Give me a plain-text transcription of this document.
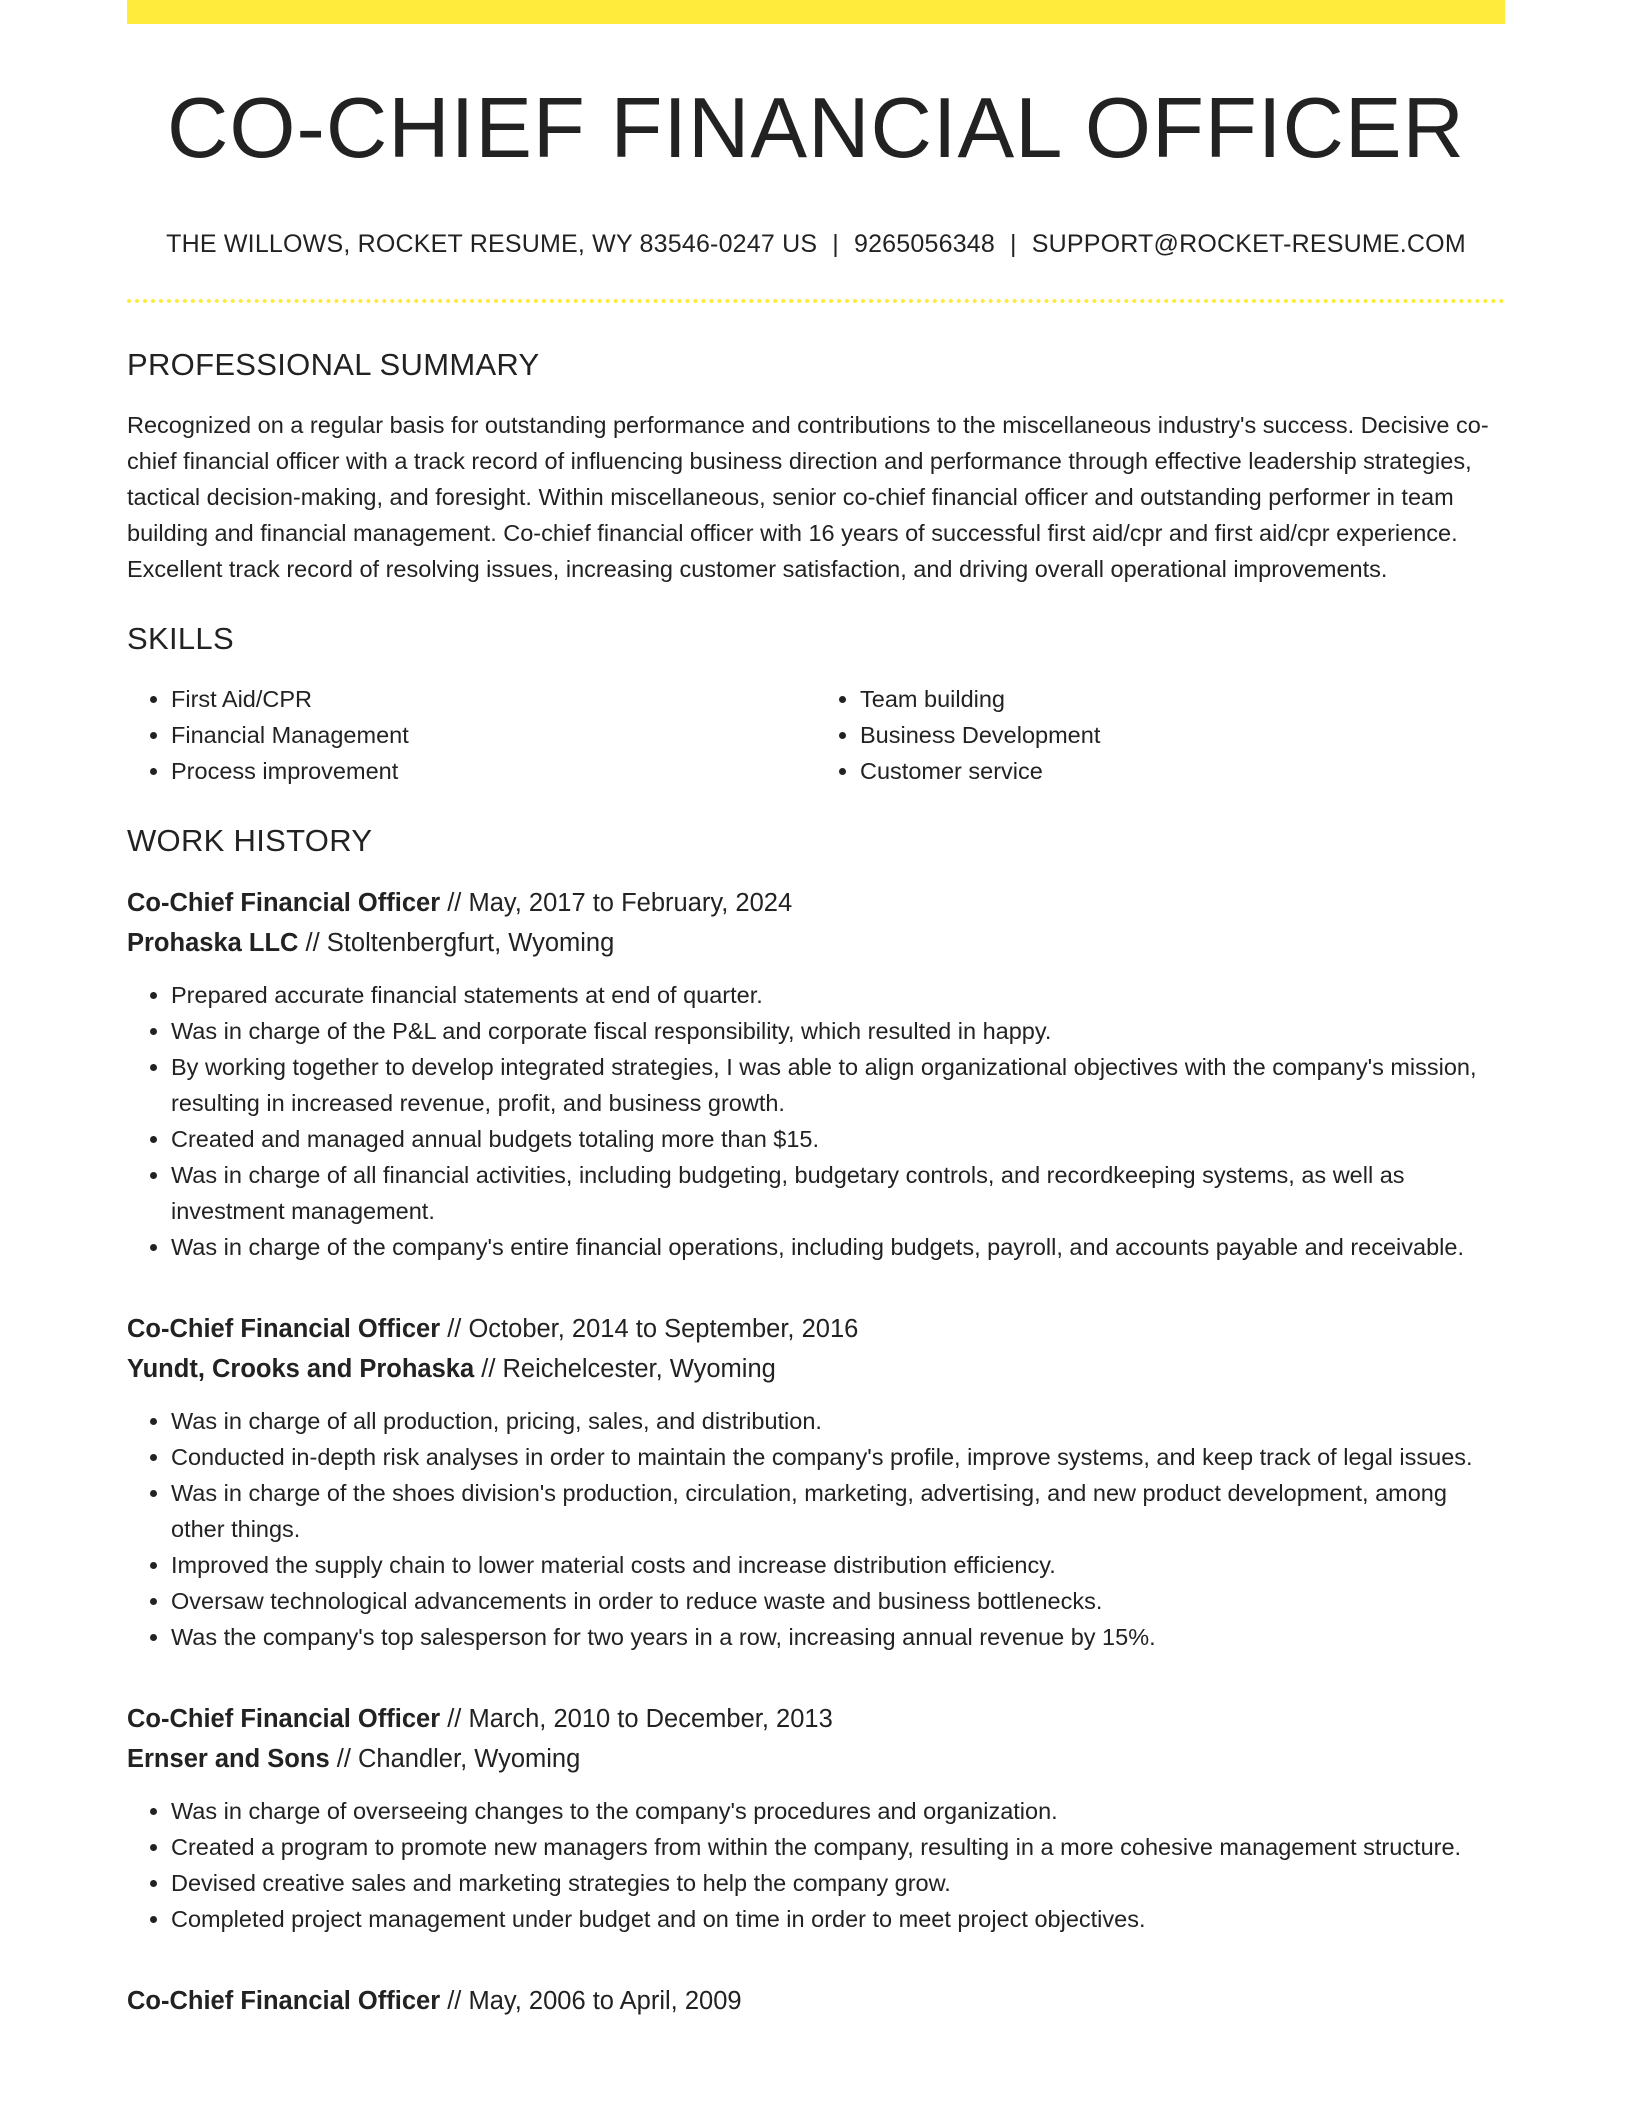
CO-CHIEF FINANCIAL OFFICER
THE WILLOWS, ROCKET RESUME, WY 83546-0247 US | 9265056348 | SUPPORT@ROCKET-RESUME.COM
PROFESSIONAL SUMMARY
Recognized on a regular basis for outstanding performance and contributions to the miscellaneous industry's success. Decisive co-chief financial officer with a track record of influencing business direction and performance through effective leadership strategies, tactical decision-making, and foresight. Within miscellaneous, senior co-chief financial officer and outstanding performer in team building and financial management. Co-chief financial officer with 16 years of successful first aid/cpr and first aid/cpr experience. Excellent track record of resolving issues, increasing customer satisfaction, and driving overall operational improvements.
SKILLS
• First Aid/CPR
• Financial Management
• Process improvement
• Team building
• Business Development
• Customer service
WORK HISTORY
Co-Chief Financial Officer // May, 2017 to February, 2024
Prohaska LLC // Stoltenbergfurt, Wyoming
• Prepared accurate financial statements at end of quarter.
• Was in charge of the P&L and corporate fiscal responsibility, which resulted in happy.
• By working together to develop integrated strategies, I was able to align organizational objectives with the company's mission, resulting in increased revenue, profit, and business growth.
• Created and managed annual budgets totaling more than $15.
• Was in charge of all financial activities, including budgeting, budgetary controls, and recordkeeping systems, as well as investment management.
• Was in charge of the company's entire financial operations, including budgets, payroll, and accounts payable and receivable.
Co-Chief Financial Officer // October, 2014 to September, 2016
Yundt, Crooks and Prohaska // Reichelcester, Wyoming
• Was in charge of all production, pricing, sales, and distribution.
• Conducted in-depth risk analyses in order to maintain the company's profile, improve systems, and keep track of legal issues.
• Was in charge of the shoes division's production, circulation, marketing, advertising, and new product development, among other things.
• Improved the supply chain to lower material costs and increase distribution efficiency.
• Oversaw technological advancements in order to reduce waste and business bottlenecks.
• Was the company's top salesperson for two years in a row, increasing annual revenue by 15%.
Co-Chief Financial Officer // March, 2010 to December, 2013
Ernser and Sons // Chandler, Wyoming
• Was in charge of overseeing changes to the company's procedures and organization.
• Created a program to promote new managers from within the company, resulting in a more cohesive management structure.
• Devised creative sales and marketing strategies to help the company grow.
• Completed project management under budget and on time in order to meet project objectives.
Co-Chief Financial Officer // May, 2006 to April, 2009
